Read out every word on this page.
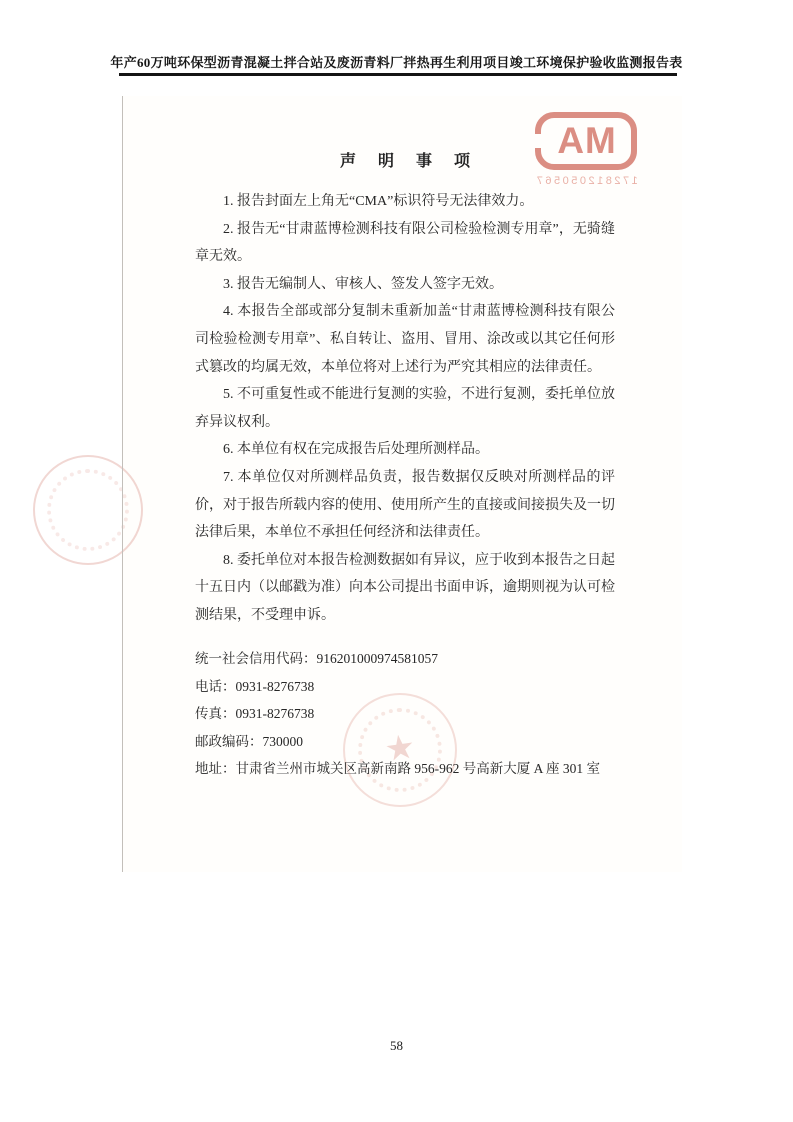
年产60万吨环保型沥青混凝土拌合站及废沥青料厂拌热再生利用项目竣工环境保护验收监测报告表
MA
172812050567
声 明 事 项

1. 报告封面左上角无“CMA”标识符号无法律效力。

2. 报告无“甘肃蓝博检测科技有限公司检验检测专用章”，无骑缝章无效。

3. 报告无编制人、审核人、签发人签字无效。

4. 本报告全部或部分复制未重新加盖“甘肃蓝博检测科技有限公司检验检测专用章”、私自转让、盗用、冒用、涂改或以其它任何形式篡改的均属无效，本单位将对上述行为严究其相应的法律责任。

5. 不可重复性或不能进行复测的实验，不进行复测，委托单位放弃异议权利。

6. 本单位有权在完成报告后处理所测样品。

7. 本单位仅对所测样品负责，报告数据仅反映对所测样品的评价，对于报告所载内容的使用、使用所产生的直接或间接损失及一切法律后果，本单位不承担任何经济和法律责任。

8. 委托单位对本报告检测数据如有异议，应于收到本报告之日起十五日内（以邮戳为准）向本公司提出书面申诉，逾期则视为认可检测结果，不受理申诉。

★

统一社会信用代码：916201000974581057

电话：0931-8276738

传真：0931-8276738

邮政编码：730000

地址：甘肃省兰州市城关区高新南路 956-962 号高新大厦 A 座 301 室

58
